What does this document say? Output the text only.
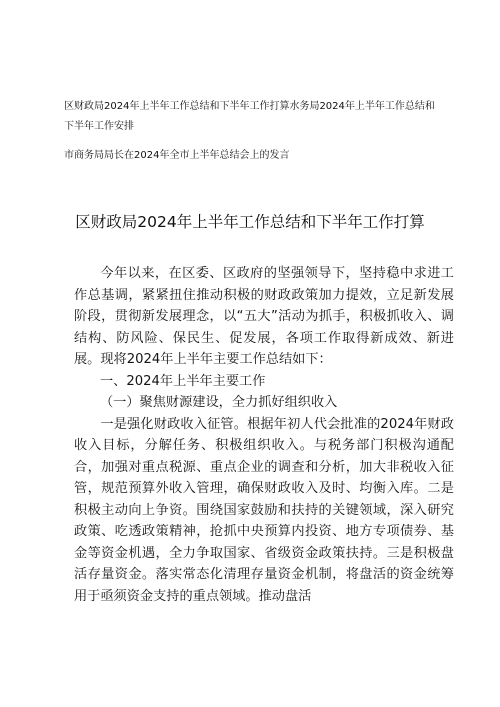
区财政局2024年上半年工作总结和下半年工作打算水务局2024年上半年工作总结和下半年工作安排
市商务局局长在2024年全市上半年总结会上的发言
区财政局2024年上半年工作总结和下半年工作打算

今年以来，在区委、区政府的坚强领导下，坚持稳中求进工作总基调，紧紧扭住推动积极的财政政策加力提效，立足新发展阶段，贯彻新发展理念，以“五大”活动为抓手，积极抓收入、调结构、防风险、保民生、促发展，各项工作取得新成效、新进展。现将2024年上半年主要工作总结如下：

一、2024年上半年主要工作

（一）聚焦财源建设，全力抓好组织收入

一是强化财政收入征管。根据年初人代会批准的2024年财政收入目标，分解任务、积极组织收入。与税务部门积极沟通配合，加强对重点税源、重点企业的调查和分析，加大非税收入征管，规范预算外收入管理，确保财政收入及时、均衡入库。二是积极主动向上争资。围绕国家鼓励和扶持的关键领域，深入研究政策、吃透政策精神，抢抓中央预算内投资、地方专项债券、基金等资金机遇，全力争取国家、省级资金政策扶持。三是积极盘活存量资金。落实常态化清理存量资金机制，将盘活的资金统筹用于亟须资金支持的重点领域。推动盘活
